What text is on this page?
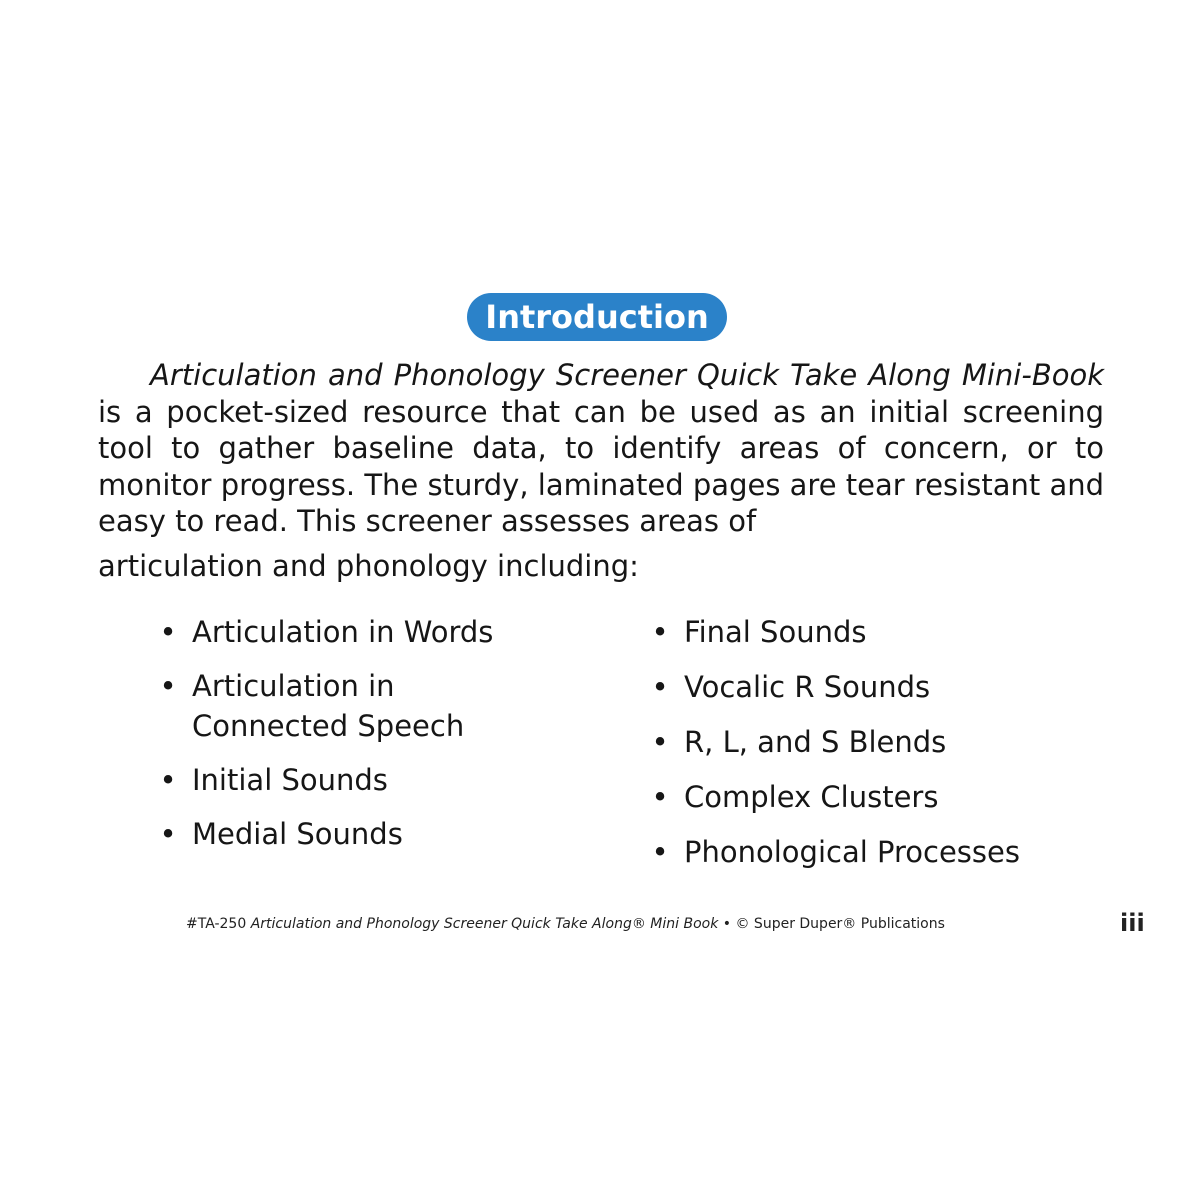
Introduction

Articulation and Phonology Screener Quick Take Along Mini-Book is a pocket-sized resource that can be used as an initial screening tool to gather baseline data, to identify areas of concern, or to monitor progress. The sturdy, laminated pages are tear resistant and easy to read. This screener assesses areas of

articulation and phonology including:

• Articulation in Words
• Articulation in Connected Speech
• Initial Sounds
• Medial Sounds
• Final Sounds
• Vocalic R Sounds
• R, L, and S Blends
• Complex Clusters
• Phonological Processes
#TA-250 Articulation and Phonology Screener Quick Take Along® Mini Book • © Super Duper® Publications	iii
